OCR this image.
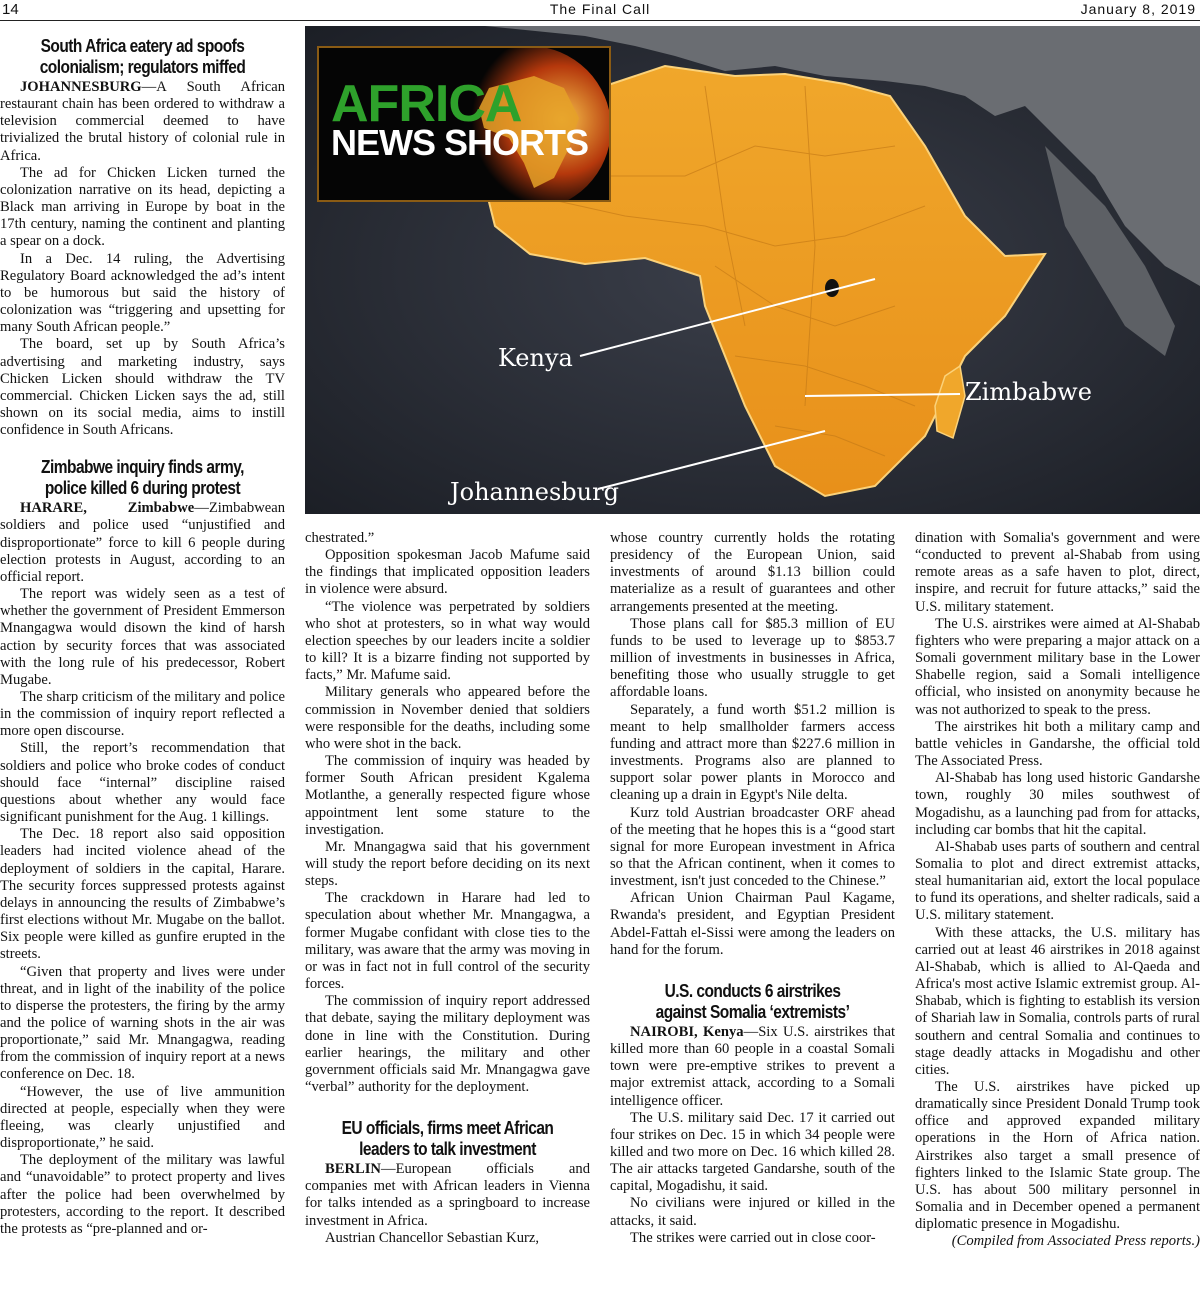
14	The Final Call	January 8, 2019
AFRICA
NEWS SHORTS
Kenya
Zimbabwe
Johannesburg
South Africa eatery ad spoofs
colonialism; regulators miffed

JOHANNESBURG—A South African restaurant chain has been ordered to withdraw a television commercial deemed to have trivialized the brutal history of colonial rule in Africa.

The ad for Chicken Licken turned the colonization narrative on its head, depicting a Black man arriving in Europe by boat in the 17th century, naming the continent and planting a spear on a dock.

In a Dec. 14 ruling, the Advertising Regulatory Board acknowledged the ad’s intent to be humorous but said the history of colonization was “triggering and upsetting for many South African people.”

The board, set up by South Africa’s advertising and marketing industry, says Chicken Licken should withdraw the TV commercial. Chicken Licken says the ad, still shown on its social media, aims to instill confidence in South Africans.

Zimbabwe inquiry finds army,
police killed 6 during protest

HARARE, Zimbabwe—Zimbabwean soldiers and police used “unjustified and disproportionate” force to kill 6 people during election protests in August, according to an official report.

The report was widely seen as a test of whether the government of President Emmerson Mnangagwa would disown the kind of harsh action by security forces that was associated with the long rule of his predecessor, Robert Mugabe.

The sharp criticism of the military and police in the commission of inquiry report reflected a more open discourse.

Still, the report’s recommendation that soldiers and police who broke codes of conduct should face “internal” discipline raised questions about whether any would face significant punishment for the Aug. 1 killings.

The Dec. 18 report also said opposition leaders had incited violence ahead of the deployment of soldiers in the capital, Harare. The security forces suppressed protests against delays in announcing the results of Zimbabwe’s first elections without Mr. Mugabe on the ballot. Six people were killed as gunfire erupted in the streets.

“Given that property and lives were under threat, and in light of the inability of the police to disperse the protesters, the firing by the army and the police of warning shots in the air was proportionate,” said Mr. Mnangagwa, reading from the commission of inquiry report at a news conference on Dec. 18.

“However, the use of live ammunition directed at people, especially when they were fleeing, was clearly unjustified and disproportionate,” he said.

The deployment of the military was lawful and “unavoidable” to protect property and lives after the police had been overwhelmed by protesters, according to the report. It described the protests as “pre-planned and or-

chestrated.”

Opposition spokesman Jacob Mafume said the findings that implicated opposition leaders in violence were absurd.

“The violence was perpetrated by soldiers who shot at protesters, so in what way would election speeches by our leaders incite a soldier to kill? It is a bizarre finding not supported by facts,” Mr. Mafume said.

Military generals who appeared before the commission in November denied that soldiers were responsible for the deaths, including some who were shot in the back.

The commission of inquiry was headed by former South African president Kgalema Motlanthe, a generally respected figure whose appointment lent some stature to the investigation.

Mr. Mnangagwa said that his government will study the report before deciding on its next steps.

The crackdown in Harare had led to speculation about whether Mr. Mnangagwa, a former Mugabe confidant with close ties to the military, was aware that the army was moving in or was in fact not in full control of the security forces.

The commission of inquiry report addressed that debate, saying the military deployment was done in line with the Constitution. During earlier hearings, the military and other government officials said Mr. Mnangagwa gave “verbal” authority for the deployment.

EU officials, firms meet African
leaders to talk investment

BERLIN—European officials and companies met with African leaders in Vienna for talks intended as a springboard to increase investment in Africa.

Austrian Chancellor Sebastian Kurz,

whose country currently holds the rotating presidency of the European Union, said investments of around $1.13 billion could materialize as a result of guarantees and other arrangements presented at the meeting.

Those plans call for $85.3 million of EU funds to be used to leverage up to $853.7 million of investments in businesses in Africa, benefiting those who usually struggle to get affordable loans.

Separately, a fund worth $51.2 million is meant to help smallholder farmers access funding and attract more than $227.6 million in investments. Programs also are planned to support solar power plants in Morocco and cleaning up a drain in Egypt's Nile delta.

Kurz told Austrian broadcaster ORF ahead of the meeting that he hopes this is a “good start signal for more European investment in Africa so that the African continent, when it comes to investment, isn't just conceded to the Chinese.”

African Union Chairman Paul Kagame, Rwanda's president, and Egyptian President Abdel-Fattah el-Sissi were among the leaders on hand for the forum.

U.S. conducts 6 airstrikes
against Somalia ‘extremists’

NAIROBI, Kenya—Six U.S. airstrikes that killed more than 60 people in a coastal Somali town were pre-emptive strikes to prevent a major extremist attack, according to a Somali intelligence officer.

The U.S. military said Dec. 17 it carried out four strikes on Dec. 15 in which 34 people were killed and two more on Dec. 16 which killed 28. The air attacks targeted Gandarshe, south of the capital, Mogadishu, it said.

No civilians were injured or killed in the attacks, it said.

The strikes were carried out in close coor-

dination with Somalia's government and were “conducted to prevent al-Shabab from using remote areas as a safe haven to plot, direct, inspire, and recruit for future attacks,” said the U.S. military statement.

The U.S. airstrikes were aimed at Al-Shabab fighters who were preparing a major attack on a Somali government military base in the Lower Shabelle region, said a Somali intelligence official, who insisted on anonymity because he was not authorized to speak to the press.

The airstrikes hit both a military camp and battle vehicles in Gandarshe, the official told The Associated Press.

Al-Shabab has long used historic Gandarshe town, roughly 30 miles southwest of Mogadishu, as a launching pad from for attacks, including car bombs that hit the capital.

Al-Shabab uses parts of southern and central Somalia to plot and direct extremist attacks, steal humanitarian aid, extort the local populace to fund its operations, and shelter radicals, said a U.S. military statement.

With these attacks, the U.S. military has carried out at least 46 airstrikes in 2018 against Al-Shabab, which is allied to Al-Qaeda and Africa's most active Islamic extremist group. Al-Shabab, which is fighting to establish its version of Shariah law in Somalia, controls parts of rural southern and central Somalia and continues to stage deadly attacks in Mogadishu and other cities.

The U.S. airstrikes have picked up dramatically since President Donald Trump took office and approved expanded military operations in the Horn of Africa nation. Airstrikes also target a small presence of fighters linked to the Islamic State group. The U.S. has about 500 military personnel in Somalia and in December opened a permanent diplomatic presence in Mogadishu.

(Compiled from Associated Press reports.)
